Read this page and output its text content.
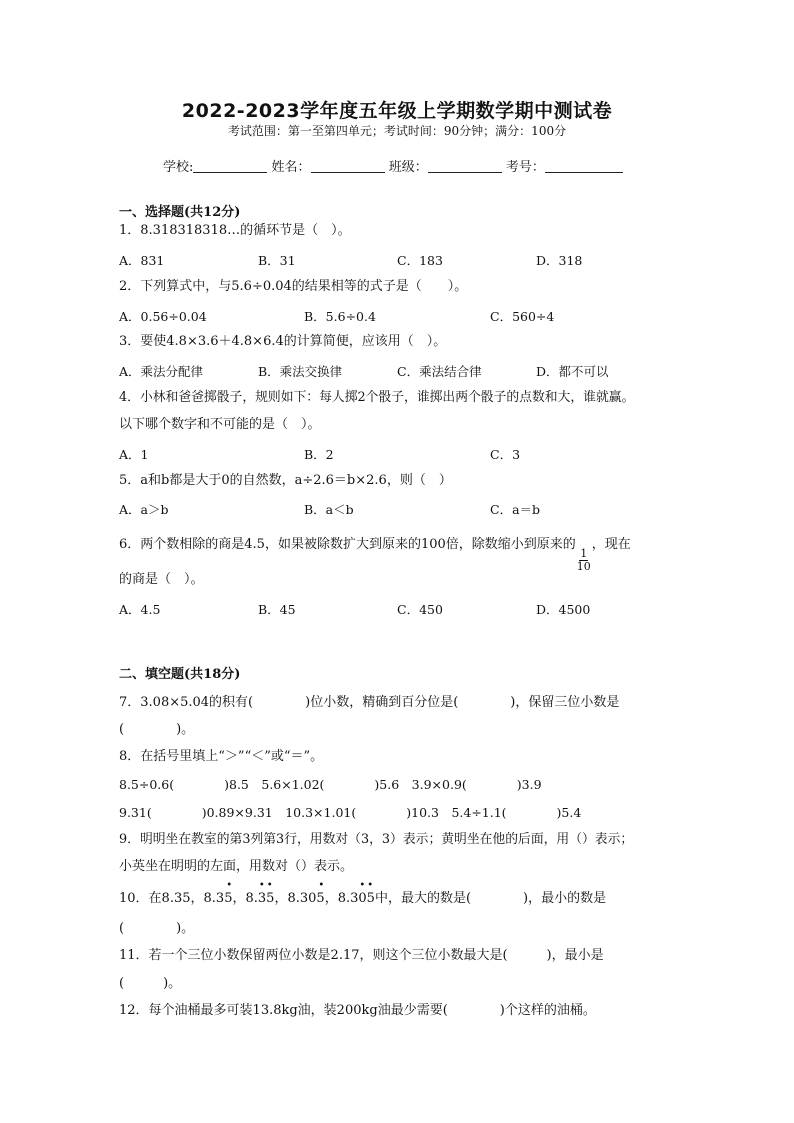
2022-2023学年度五年级上学期数学期中测试卷
考试范围：第一至第四单元；考试时间：90分钟；满分：100分
学校:	姓名：	班级：	考号：
一、选择题(共12分)
1．8.318318318…的循环节是（　）。
A．831	B．31	C．183	D．318
2．下列算式中，与5.6÷0.04的结果相等的式子是（　　）。
A．0.56÷0.04	B．5.6÷0.4	C．560÷4
3．要使4.8×3.6＋4.8×6.4的计算简便，应该用（　）。
A．乘法分配律	B．乘法交换律	C．乘法结合律	D．都不可以
4．小林和爸爸掷骰子，规则如下：每人掷2个骰子，谁掷出两个骰子的点数和大，谁就赢。
以下哪个数字和不可能的是（　）。
A．1	B．2	C．3
5．a和b都是大于0的自然数，a÷2.6＝b×2.6，则（　）
A．a＞b	B．a＜b	C．a＝b
6．两个数相除的商是4.5，如果被除数扩大到原来的100倍，除数缩小到原来的
$\frac{1}{10}$
，现在
的商是（　）。
A．4.5	B．45	C．450	D．4500
二、填空题(共18分)
7．3.08×5.04的积有(　　　　)位小数，精确到百分位是(　　　　)，保留三位小数是
(　　　　)。
8．在括号里填上“＞”“＜”或“＝”。
8.5÷0.6(　　　　)8.5　5.6×1.02(　　　　)5.6　3.9×0.9(　　　　)3.9
9.31(　　　　)0.89×9.31　10.3×1.01(　　　　)10.3　5.4÷1.1(　　　　)5.4
9．明明坐在教室的第3列第3行，用数对（3，3）表示；黄明坐在他的后面，用（）表示；
小英坐在明明的左面，用数对（）表示。
10．在8.35，8.3
•
5，8.
••
35，8.30
•
5，8.3
••
05中，最大的数是(　　　　)，最小的数是
(　　　　)。
11．若一个三位小数保留两位小数是2.17，则这个三位小数最大是(　　　)，最小是
(　　　)。
12．每个油桶最多可装13.8kg油，装200kg油最少需要(　　　　)个这样的油桶。
